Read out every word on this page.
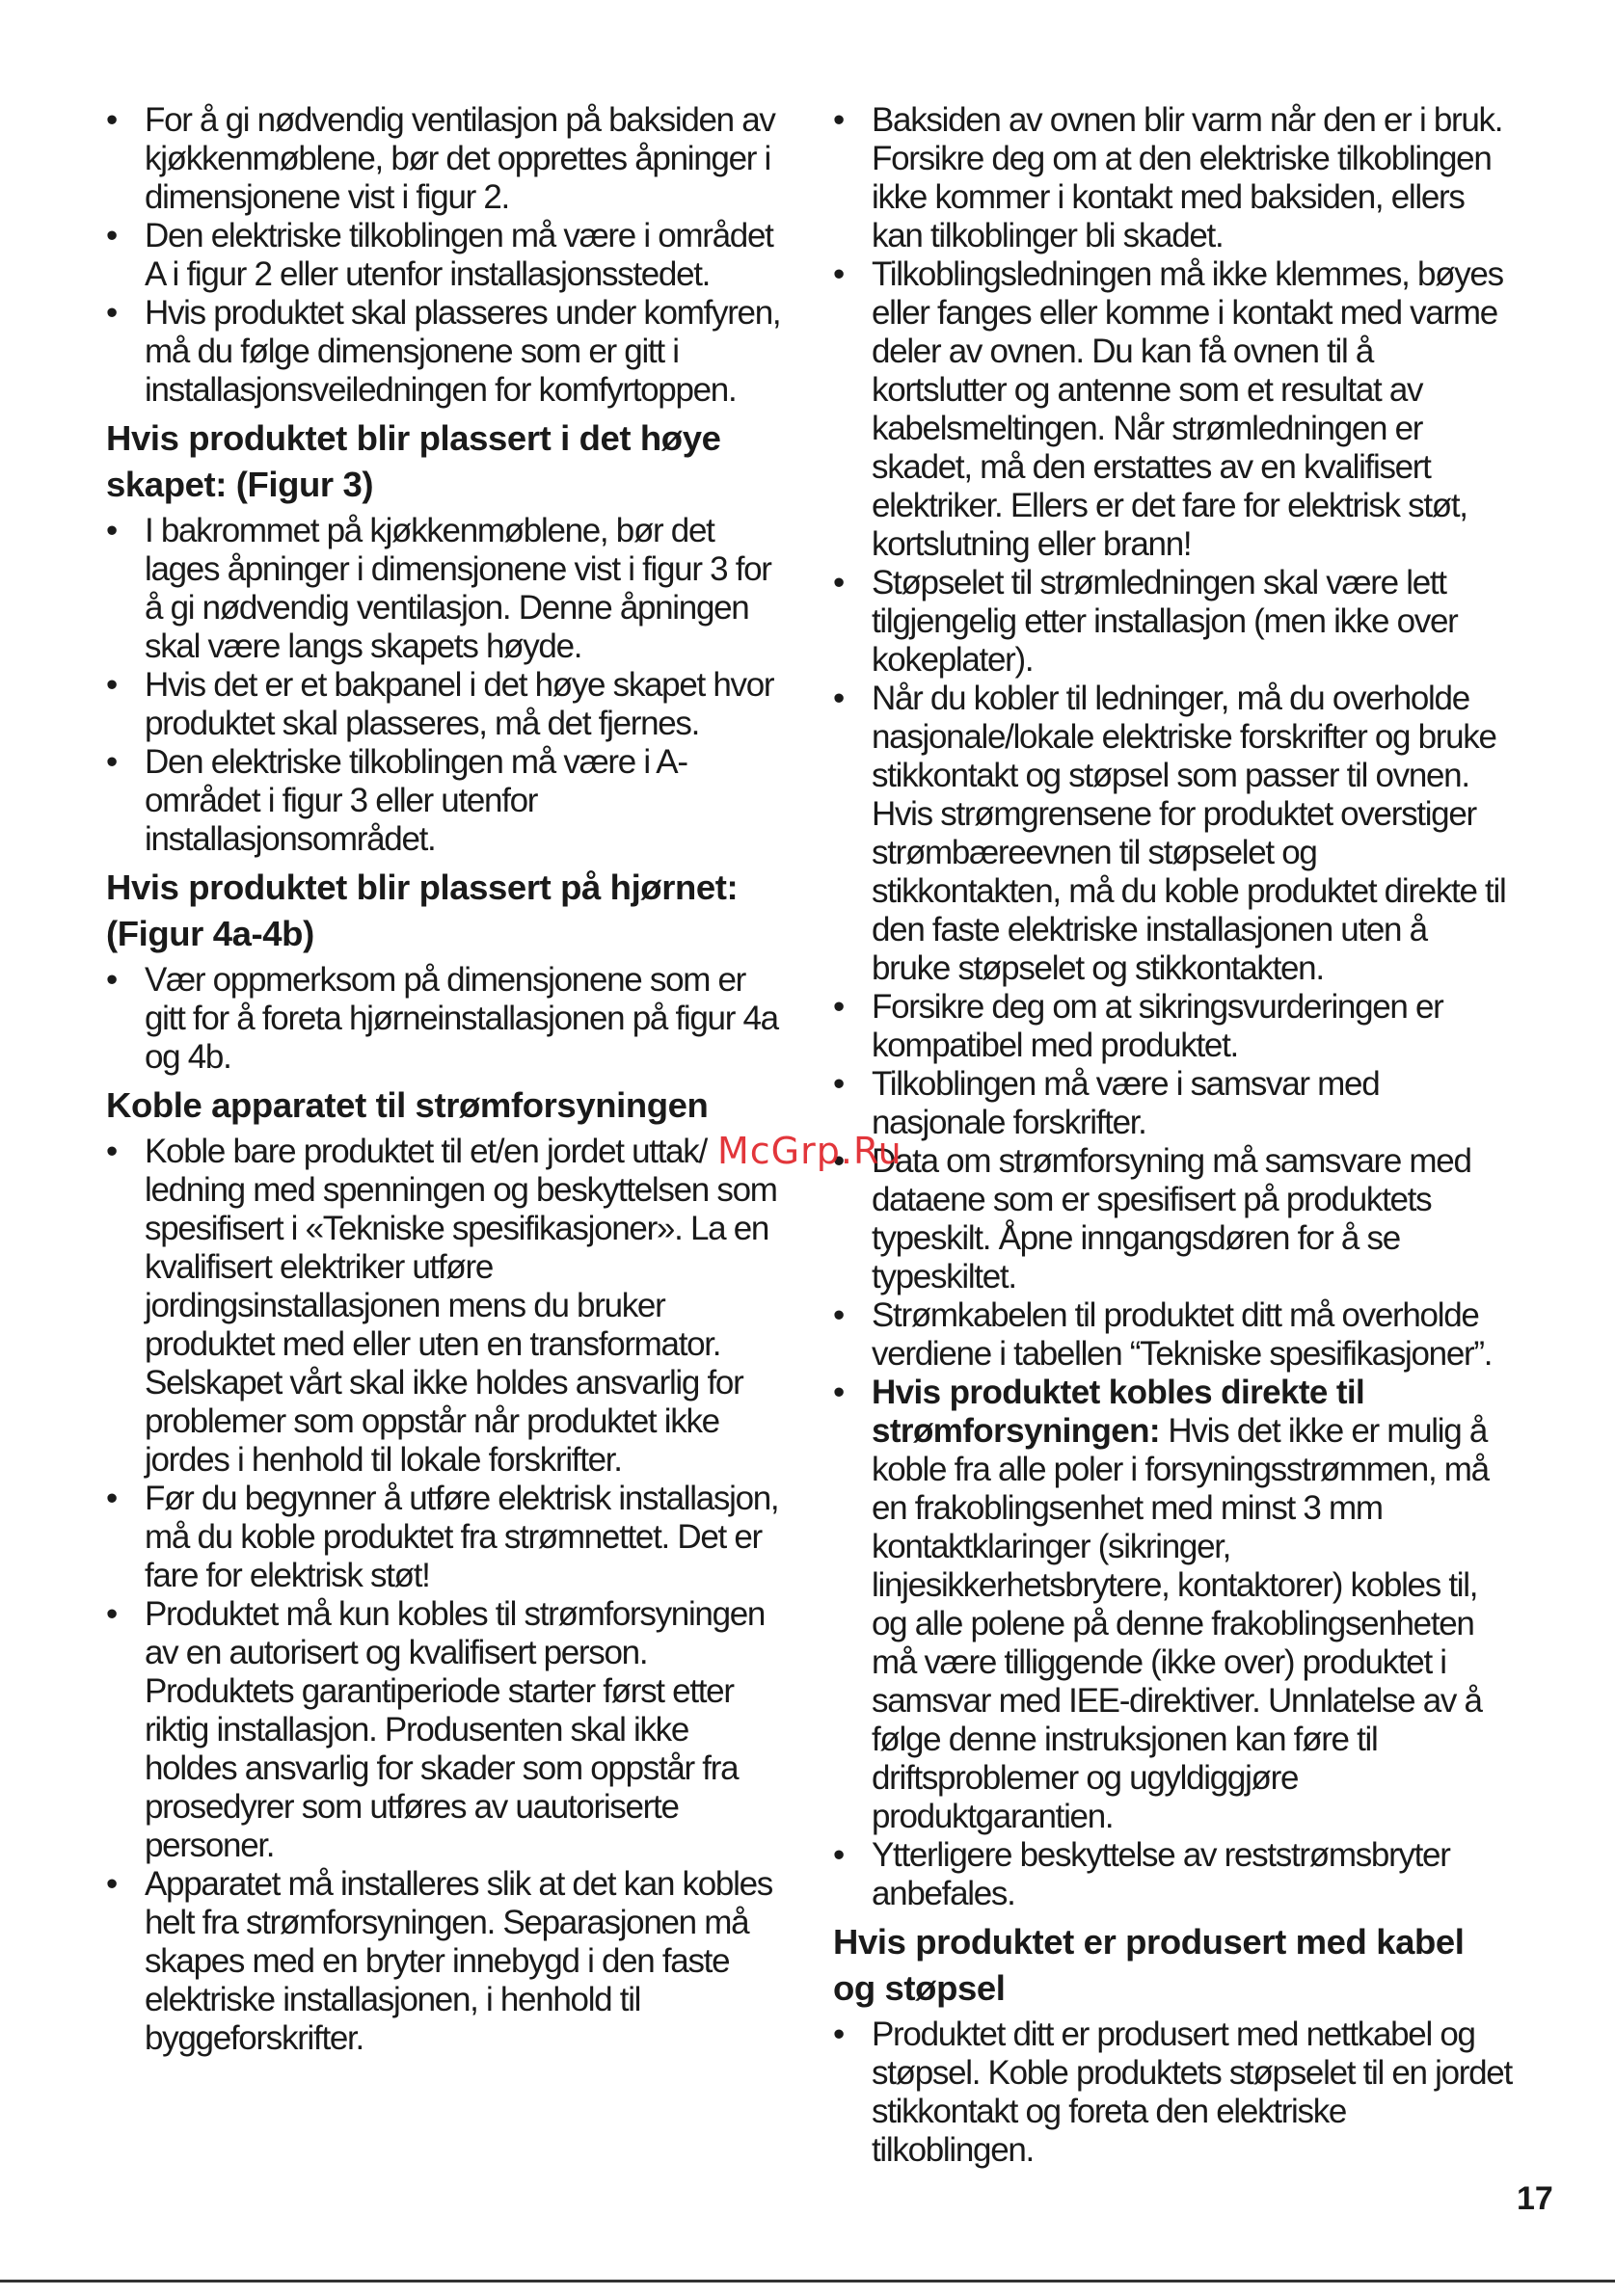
• For å gi nødvendig ventilasjon på baksiden av kjøkkenmøblene, bør det opprettes åpninger i dimensjonene vist i figur 2.
• Den elektriske tilkoblingen må være i området A i figur 2 eller utenfor installasjonsstedet.
• Hvis produktet skal plasseres under komfyren, må du følge dimensjonene som er gitt i installasjonsveiledningen for komfyrtoppen.
Hvis produktet blir plassert i det høye skapet: (Figur 3)
• I bakrommet på kjøkkenmøblene, bør det lages åpninger i dimensjonene vist i figur 3 for å gi nødvendig ventilasjon. Denne åpningen skal være langs skapets høyde.
• Hvis det er et bakpanel i det høye skapet hvor produktet skal plasseres, må det fjernes.
• Den elektriske tilkoblingen må være i A-området i figur 3 eller utenfor installasjonsområdet.
Hvis produktet blir plassert på hjørnet: (Figur 4a-4b)
• Vær oppmerksom på dimensjonene som er gitt for å foreta hjørneinstallasjonen på figur 4a og 4b.
Koble apparatet til strømforsyningen
• Koble bare produktet til et/en jordet uttak/ ledning med spenningen og beskyttelsen som spesifisert i «Tekniske spesifikasjoner». La en kvalifisert elektriker utføre jordingsinstallasjonen mens du bruker produktet med eller uten en transformator. Selskapet vårt skal ikke holdes ansvarlig for problemer som oppstår når produktet ikke jordes i henhold til lokale forskrifter.
• Før du begynner å utføre elektrisk installasjon, må du koble produktet fra strømnettet. Det er fare for elektrisk støt!
• Produktet må kun kobles til strømforsyningen av en autorisert og kvalifisert person. Produktets garantiperiode starter først etter riktig installasjon. Produsenten skal ikke holdes ansvarlig for skader som oppstår fra prosedyrer som utføres av uautoriserte personer.
• Apparatet må installeres slik at det kan kobles helt fra strømforsyningen. Separasjonen må skapes med en bryter innebygd i den faste elektriske installasjonen, i henhold til byggeforskrifter.
• Baksiden av ovnen blir varm når den er i bruk. Forsikre deg om at den elektriske tilkoblingen ikke kommer i kontakt med baksiden, ellers kan tilkoblinger bli skadet.
• Tilkoblingsledningen må ikke klemmes, bøyes eller fanges eller komme i kontakt med varme deler av ovnen. Du kan få ovnen til å kortslutter og antenne som et resultat av kabelsmeltingen. Når strømledningen er skadet, må den erstattes av en kvalifisert elektriker. Ellers er det fare for elektrisk støt, kortslutning eller brann!
• Støpselet til strømledningen skal være lett tilgjengelig etter installasjon (men ikke over kokeplater).
• Når du kobler til ledninger, må du overholde nasjonale/lokale elektriske forskrifter og bruke stikkontakt og støpsel som passer til ovnen. Hvis strømgrensene for produktet overstiger strømbæreevnen til støpselet og stikkontakten, må du koble produktet direkte til den faste elektriske installasjonen uten å bruke støpselet og stikkontakten.
• Forsikre deg om at sikringsvurderingen er kompatibel med produktet.
• Tilkoblingen må være i samsvar med nasjonale forskrifter.
• Data om strømforsyning må samsvare med dataene som er spesifisert på produktets typeskilt. Åpne inngangsdøren for å se typeskiltet.
• Strømkabelen til produktet ditt må overholde verdiene i tabellen “Tekniske spesifikasjoner”.
• Hvis produktet kobles direkte til strømforsyningen: Hvis det ikke er mulig å koble fra alle poler i forsyningsstrømmen, må en frakoblingsenhet med minst 3 mm kontaktklaringer (sikringer, linjesikkerhetsbrytere, kontaktorer) kobles til, og alle polene på denne frakoblingsenheten må være tilliggende (ikke over) produktet i samsvar med IEE-direktiver. Unnlatelse av å følge denne instruksjonen kan føre til driftsproblemer og ugyldiggjøre produktgarantien.
• Ytterligere beskyttelse av reststrømsbryter anbefales.
Hvis produktet er produsert med kabel og støpsel
• Produktet ditt er produsert med nettkabel og støpsel. Koble produktets støpselet til en jordet stikkontakt og foreta den elektriske tilkoblingen.
McGrp.Ru
17
